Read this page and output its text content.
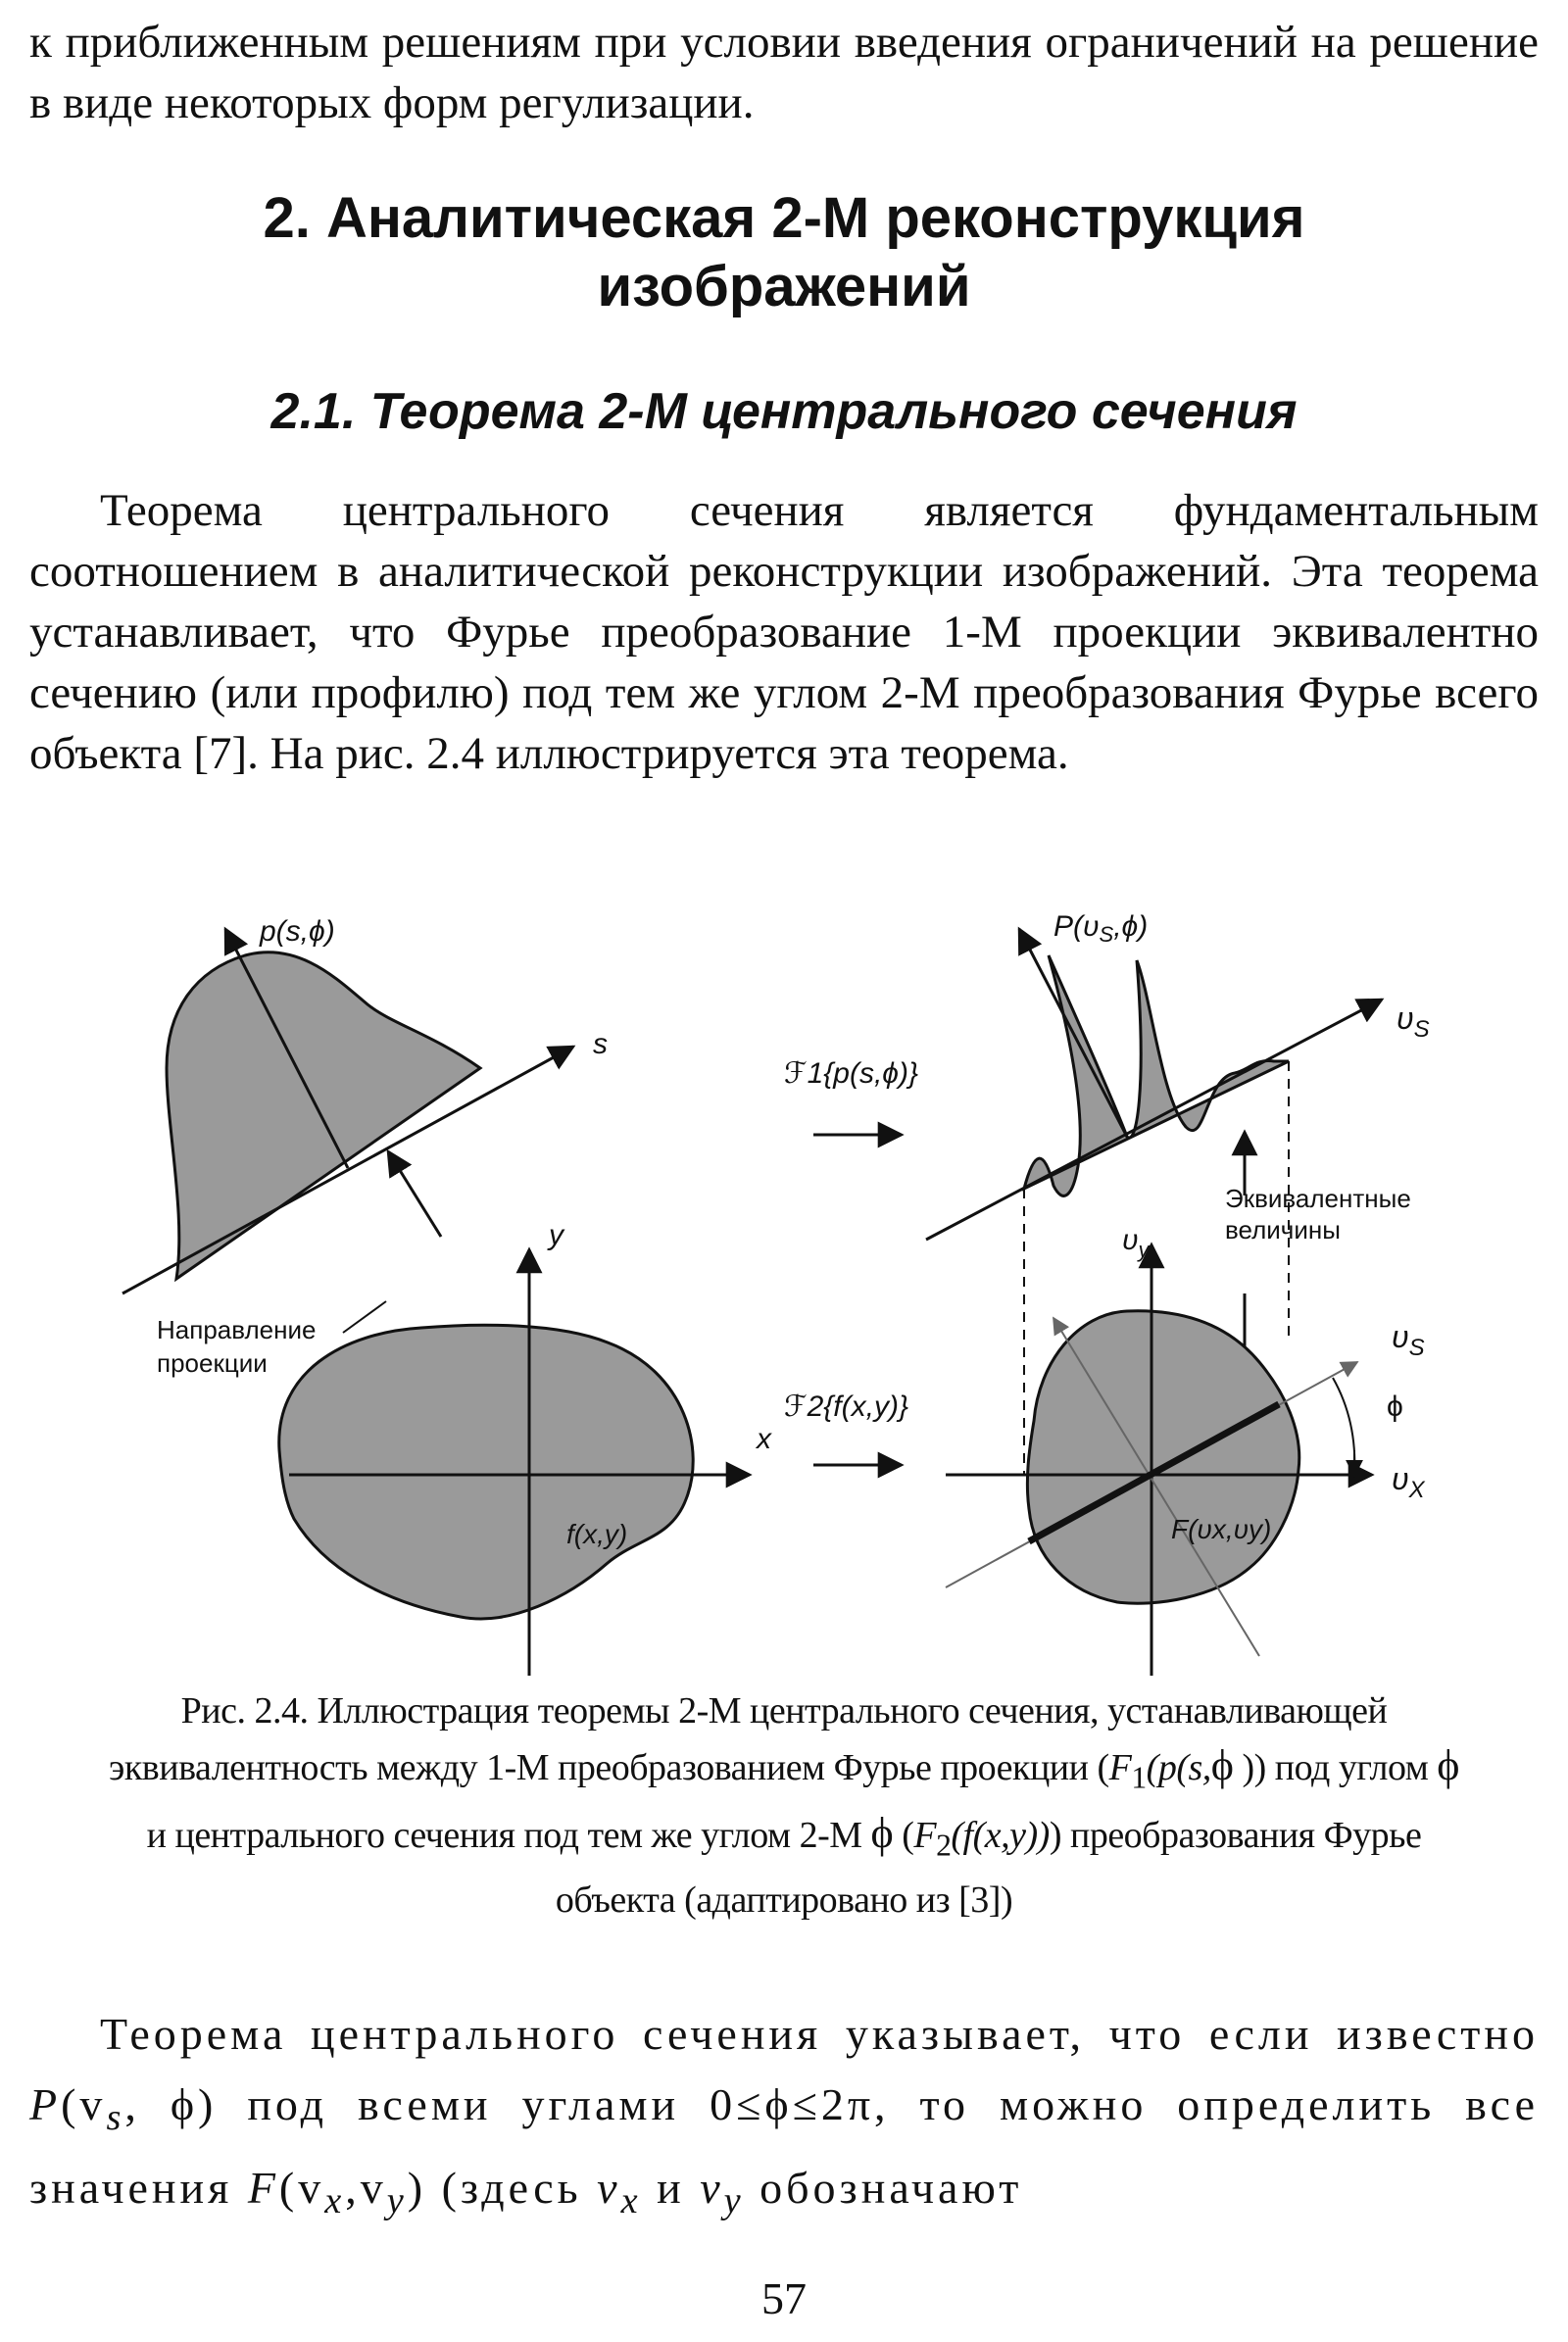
к приближенным решениям при условии введения ограничений на решение в виде некоторых форм регулизации.

2. Аналитическая 2-М реконструкция
изображений
2.1. Теорема 2-М центрального сечения

Теорема центрального сечения является фундаментальным соотношением в аналитической реконструкции изображений. Эта теорема устанавливает, что Фурье преобразование 1-М проекции эквивалентно сечению (или профилю) под тем же углом 2-М преобразования Фурье всего объекта [7]. На рис. 2.4 иллюстрируется эта теорема.

p(s,ϕ)
s
Направление
проекции
y
x
f(x,y)
ℱ1{p(s,ϕ)}
ℱ2{f(x,y)}
$P(\upsilon_S,\phi)$
$\upsilon_S$
Эквивалентные
величины
$\upsilon_y$
$\upsilon_S$
ϕ
$\upsilon_X$
F(υx,υy)
Рис. 2.4. Иллюстрация теоремы 2-М центрального сечения, устанавливающей эквивалентность между 1-М преобразованием Фурье проекции ($F_1(p(s,\phi$ )) под углом ϕ и центрального сечения под тем же углом 2-М ϕ $(F_2(f(x,y)))$ преобразования Фурье объекта (адаптировано из [3])

Теорема центрального сечения указывает, что если известно $P(v_s$, ϕ) под всеми углами 0≤ϕ≤2π, то можно определить все значения $F(v_x,v_y)$ (здесь $v_x$ и $v_y$ обозначают

57
